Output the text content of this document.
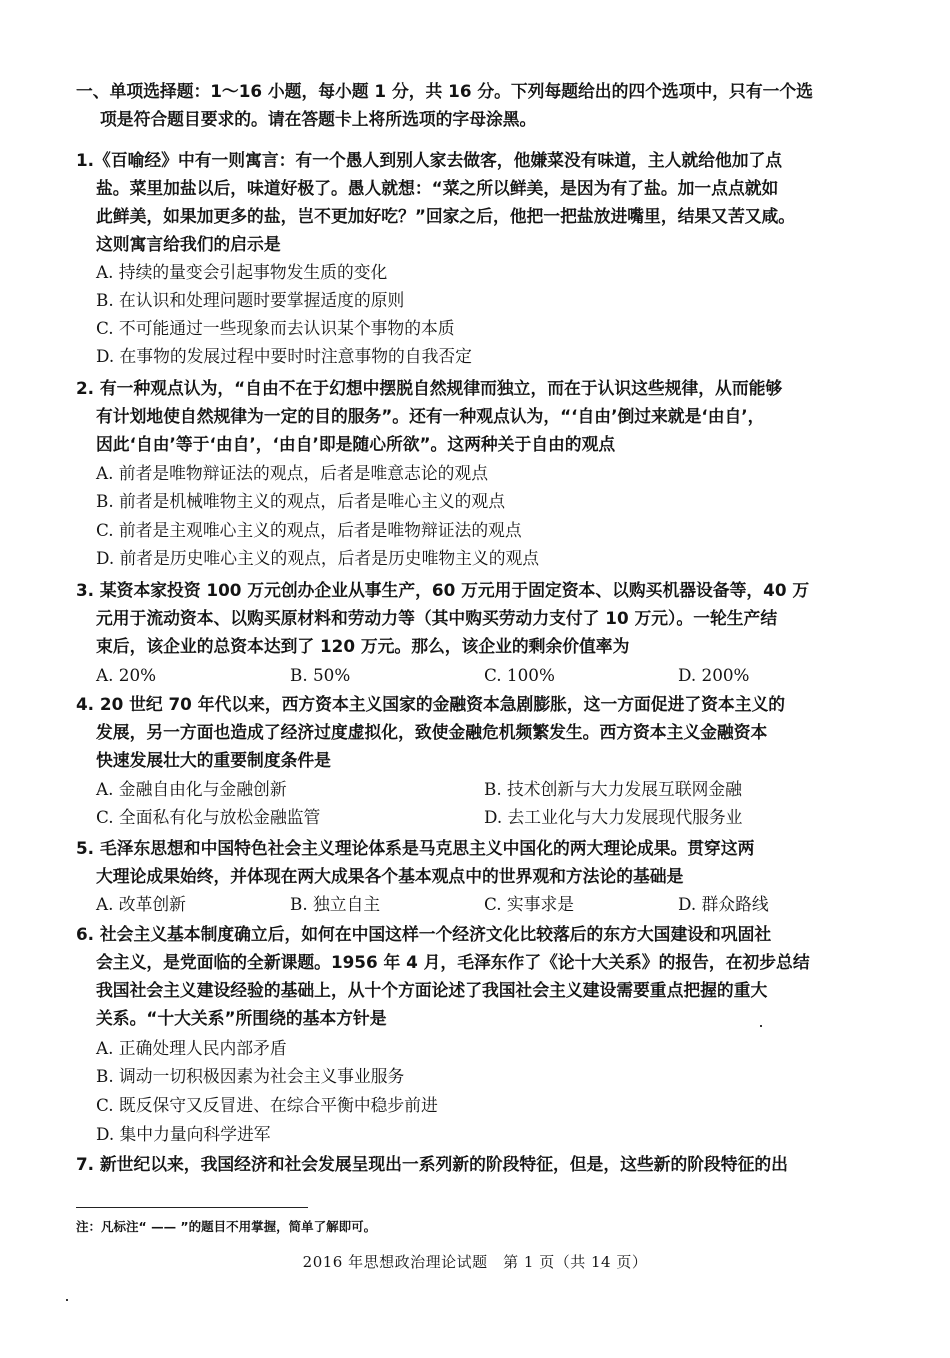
一、单项选择题：1～16 小题，每小题 1 分，共 16 分。下列每题给出的四个选项中，只有一个选
项是符合题目要求的。请在答题卡上将所选项的字母涂黑。
1.《百喻经》中有一则寓言：有一个愚人到别人家去做客，他嫌菜没有味道，主人就给他加了点
盐。菜里加盐以后，味道好极了。愚人就想：“菜之所以鲜美，是因为有了盐。加一点点就如
此鲜美，如果加更多的盐，岂不更加好吃？”回家之后，他把一把盐放进嘴里，结果又苦又咸。
这则寓言给我们的启示是
A. 持续的量变会引起事物发生质的变化
B. 在认识和处理问题时要掌握适度的原则
C. 不可能通过一些现象而去认识某个事物的本质
D. 在事物的发展过程中要时时注意事物的自我否定
2. 有一种观点认为，“自由不在于幻想中摆脱自然规律而独立，而在于认识这些规律，从而能够
有计划地使自然规律为一定的目的服务”。还有一种观点认为，“‘自由’倒过来就是‘由自’，
因此‘自由’等于‘由自’，‘由自’即是随心所欲”。这两种关于自由的观点
A. 前者是唯物辩证法的观点，后者是唯意志论的观点
B. 前者是机械唯物主义的观点，后者是唯心主义的观点
C. 前者是主观唯心主义的观点，后者是唯物辩证法的观点
D. 前者是历史唯心主义的观点，后者是历史唯物主义的观点
3. 某资本家投资 100 万元创办企业从事生产，60 万元用于固定资本、以购买机器设备等，40 万
元用于流动资本、以购买原材料和劳动力等（其中购买劳动力支付了 10 万元）。一轮生产结
束后，该企业的总资本达到了 120 万元。那么，该企业的剩余价值率为
A. 20%	B. 50%	C. 100%	D. 200%
4. 20 世纪 70 年代以来，西方资本主义国家的金融资本急剧膨胀，这一方面促进了资本主义的
发展，另一方面也造成了经济过度虚拟化，致使金融危机频繁发生。西方资本主义金融资本
快速发展壮大的重要制度条件是
A. 金融自由化与金融创新	B. 技术创新与大力发展互联网金融
C. 全面私有化与放松金融监管	D. 去工业化与大力发展现代服务业
5. 毛泽东思想和中国特色社会主义理论体系是马克思主义中国化的两大理论成果。贯穿这两
大理论成果始终，并体现在两大成果各个基本观点中的世界观和方法论的基础是
A. 改革创新	B. 独立自主	C. 实事求是	D. 群众路线
6. 社会主义基本制度确立后，如何在中国这样一个经济文化比较落后的东方大国建设和巩固社
会主义，是党面临的全新课题。1956 年 4 月，毛泽东作了《论十大关系》的报告，在初步总结
我国社会主义建设经验的基础上，从十个方面论述了我国社会主义建设需要重点把握的重大
关系。“十大关系”所围绕的基本方针是
A. 正确处理人民内部矛盾
B. 调动一切积极因素为社会主义事业服务
C. 既反保守又反冒进、在综合平衡中稳步前进
D. 集中力量向科学进军
7. 新世纪以来，我国经济和社会发展呈现出一系列新的阶段特征，但是，这些新的阶段特征的出
注：凡标注“ —— ”的题目不用掌握，简单了解即可。
2016 年思想政治理论试题　第 1 页（共 14 页）
